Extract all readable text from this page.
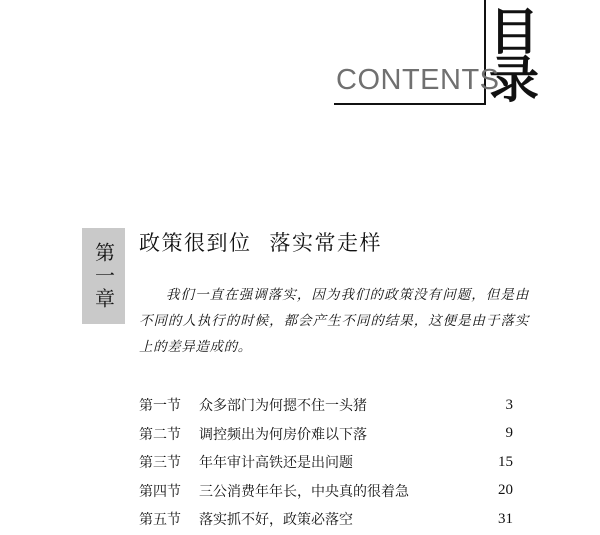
目
录
CONTENTS
第一章 政策很到位 落实常走样
我们一直在强调落实，因为我们的政策没有问题，但是由不同的人执行的时候，都会产生不同的结果，这便是由于落实上的差异造成的。
第一节	众多部门为何摁不住一头猪	3
第二节	调控频出为何房价难以下落	9
第三节	年年审计高铁还是出问题	15
第四节	三公消费年年长，中央真的很着急	20
第五节	落实抓不好，政策必落空	31
